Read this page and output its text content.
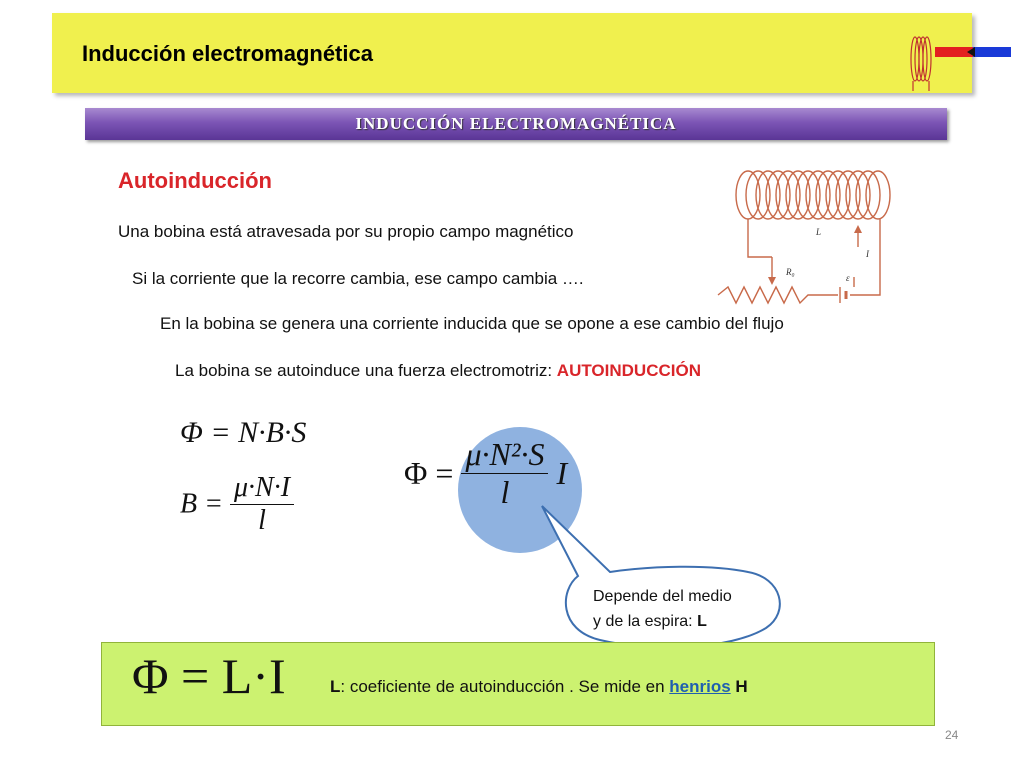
Inducción electromagnética
INDUCCIÓN ELECTROMAGNÉTICA
Autoinducción
Una bobina está atravesada por su propio campo magnético
Si la corriente que la recorre cambia, ese campo cambia ….
En la bobina se genera una corriente inducida que se opone a ese cambio del flujo
La bobina se autoinduce una fuerza electromotriz: AUTOINDUCCIÓN
L
I
R₀
ε
Φ = N·B·S
$B = \frac{\mu\cdot N\cdot I}{l}$	$\Phi = \frac{\text{μ·N²·S}}{l}$ I
Depende del medio
y de la espira: L
Φ = L·I	L: coeficiente de autoinducción . Se mide en henrios H
24
